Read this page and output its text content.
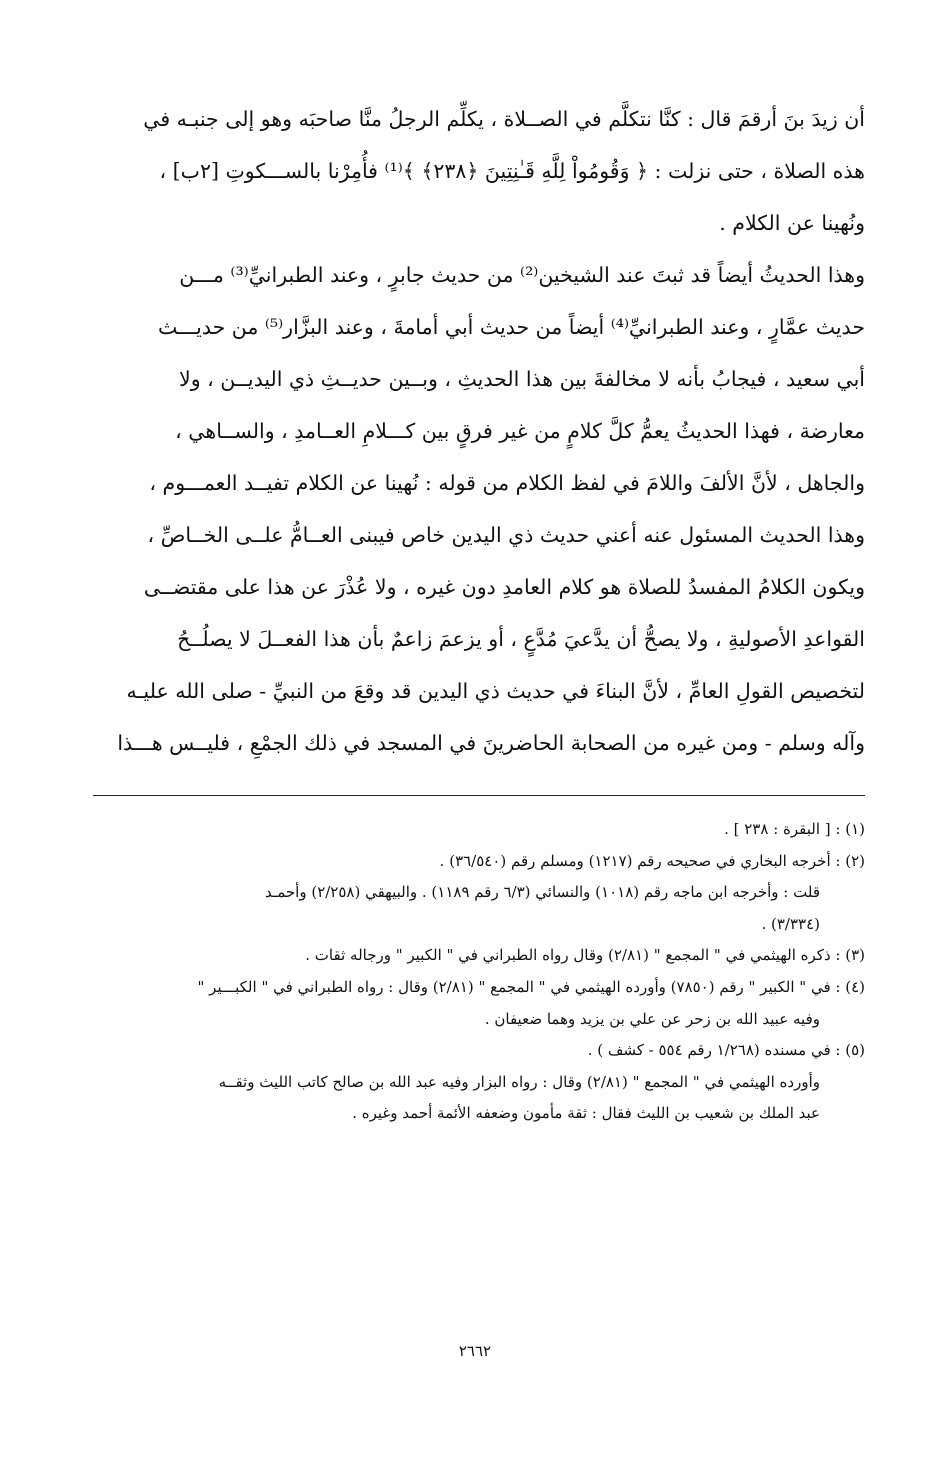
أن زيدَ بنَ أرقمَ قال : كنَّا نتكلَّم في الصــلاة ، يكلِّم الرجلُ منَّا صاحبَه وهو إلى جنبـه في
هذه الصلاة ، حتى نزلت : ﴿ وَقُومُواْ لِلَّهِ قَـٰنِتِينَ ﴿٢٣٨﴾ ﴾⁽¹⁾ فأُمِرْنا بالســـكوتِ [٢ب] ،
ونُهينا عن الكلام .
وهذا الحديثُ أيضاً قد ثبتَ عند الشيخين⁽²⁾ من حديث جابرٍ ، وعند الطبرانيِّ⁽³⁾ مـــن
حديث عمَّارٍ ، وعند الطبرانيِّ⁽⁴⁾ أيضاً من حديث أبي أمامةَ ، وعند البزَّار⁽⁵⁾ من حديـــث
أبي سعيد ، فيجابُ بأنه لا مخالفةَ بين هذا الحديثِ ، وبــين حديــثِ ذي اليديــن ، ولا
معارضة ، فهذا الحديثُ يعمُّ كلَّ كلامٍ من غير فرقٍ بين كـــلامِ العــامدِ ، والســاهي ،
والجاهل ، لأنَّ الألفَ واللامَ في لفظ الكلام من قوله : نُهينا عن الكلام تفيــد العمـــوم ،
وهذا الحديث المسئول عنه أعني حديث ذي اليدين خاص فيبنى العــامُّ علــى الخــاصِّ ،
ويكون الكلامُ المفسدُ للصلاة هو كلام العامدِ دون غيره ، ولا عُذْرَ عن هذا على مقتضــى
القواعدِ الأصوليةِ ، ولا يصحُّ أن يدَّعيَ مُدَّعٍ ، أو يزعمَ زاعمٌ بأن هذا الفعــلَ لا يصلُــحُ
لتخصيص القولِ العامِّ ، لأنَّ البناءَ في حديث ذي اليدين قد وقعَ من النبيِّ - صلى الله عليـه
وآله وسلم - ومن غيره من الصحابة الحاضرينَ في المسجد في ذلك الجمْعِ ، فليــس هـــذا
(١) : [ البقرة : ٢٣٨ ] .
(٢) : أخرجه البخاري في صحيحه رقم (١٢١٧) ومسلم رقم (٣٦/٥٤٠) .
قلت : وأخرجه ابن ماجه رقم (١٠١٨) والنسائي (٦/٣ رقم ١١٨٩) . والبيهقي (٢/٢٥٨) وأحمـد
(٣/٣٣٤) .
(٣) : ذكره الهيثمي في " المجمع " (٢/٨١) وقال رواه الطبراني في " الكبير " ورجاله ثقات .
(٤) : في " الكبير " رقم (٧٨٥٠) وأورده الهيثمي في " المجمع " (٢/٨١) وقال : رواه الطبراني في " الكبـــير "
وفيه عبيد الله بن زحر عن علي بن يزيد وهما ضعيفان .
(٥) : في مسنده (١/٢٦٨ رقم ٥٥٤ - كشف ) .
وأورده الهيثمي في " المجمع " (٢/٨١) وقال : رواه البزار وفيه عبد الله بن صالح كاتب الليث وثقــه
عبد الملك بن شعيب بن الليث فقال : ثقة مأمون وضعفه الأئمة أحمد وغيره .
٢٦٦٢
